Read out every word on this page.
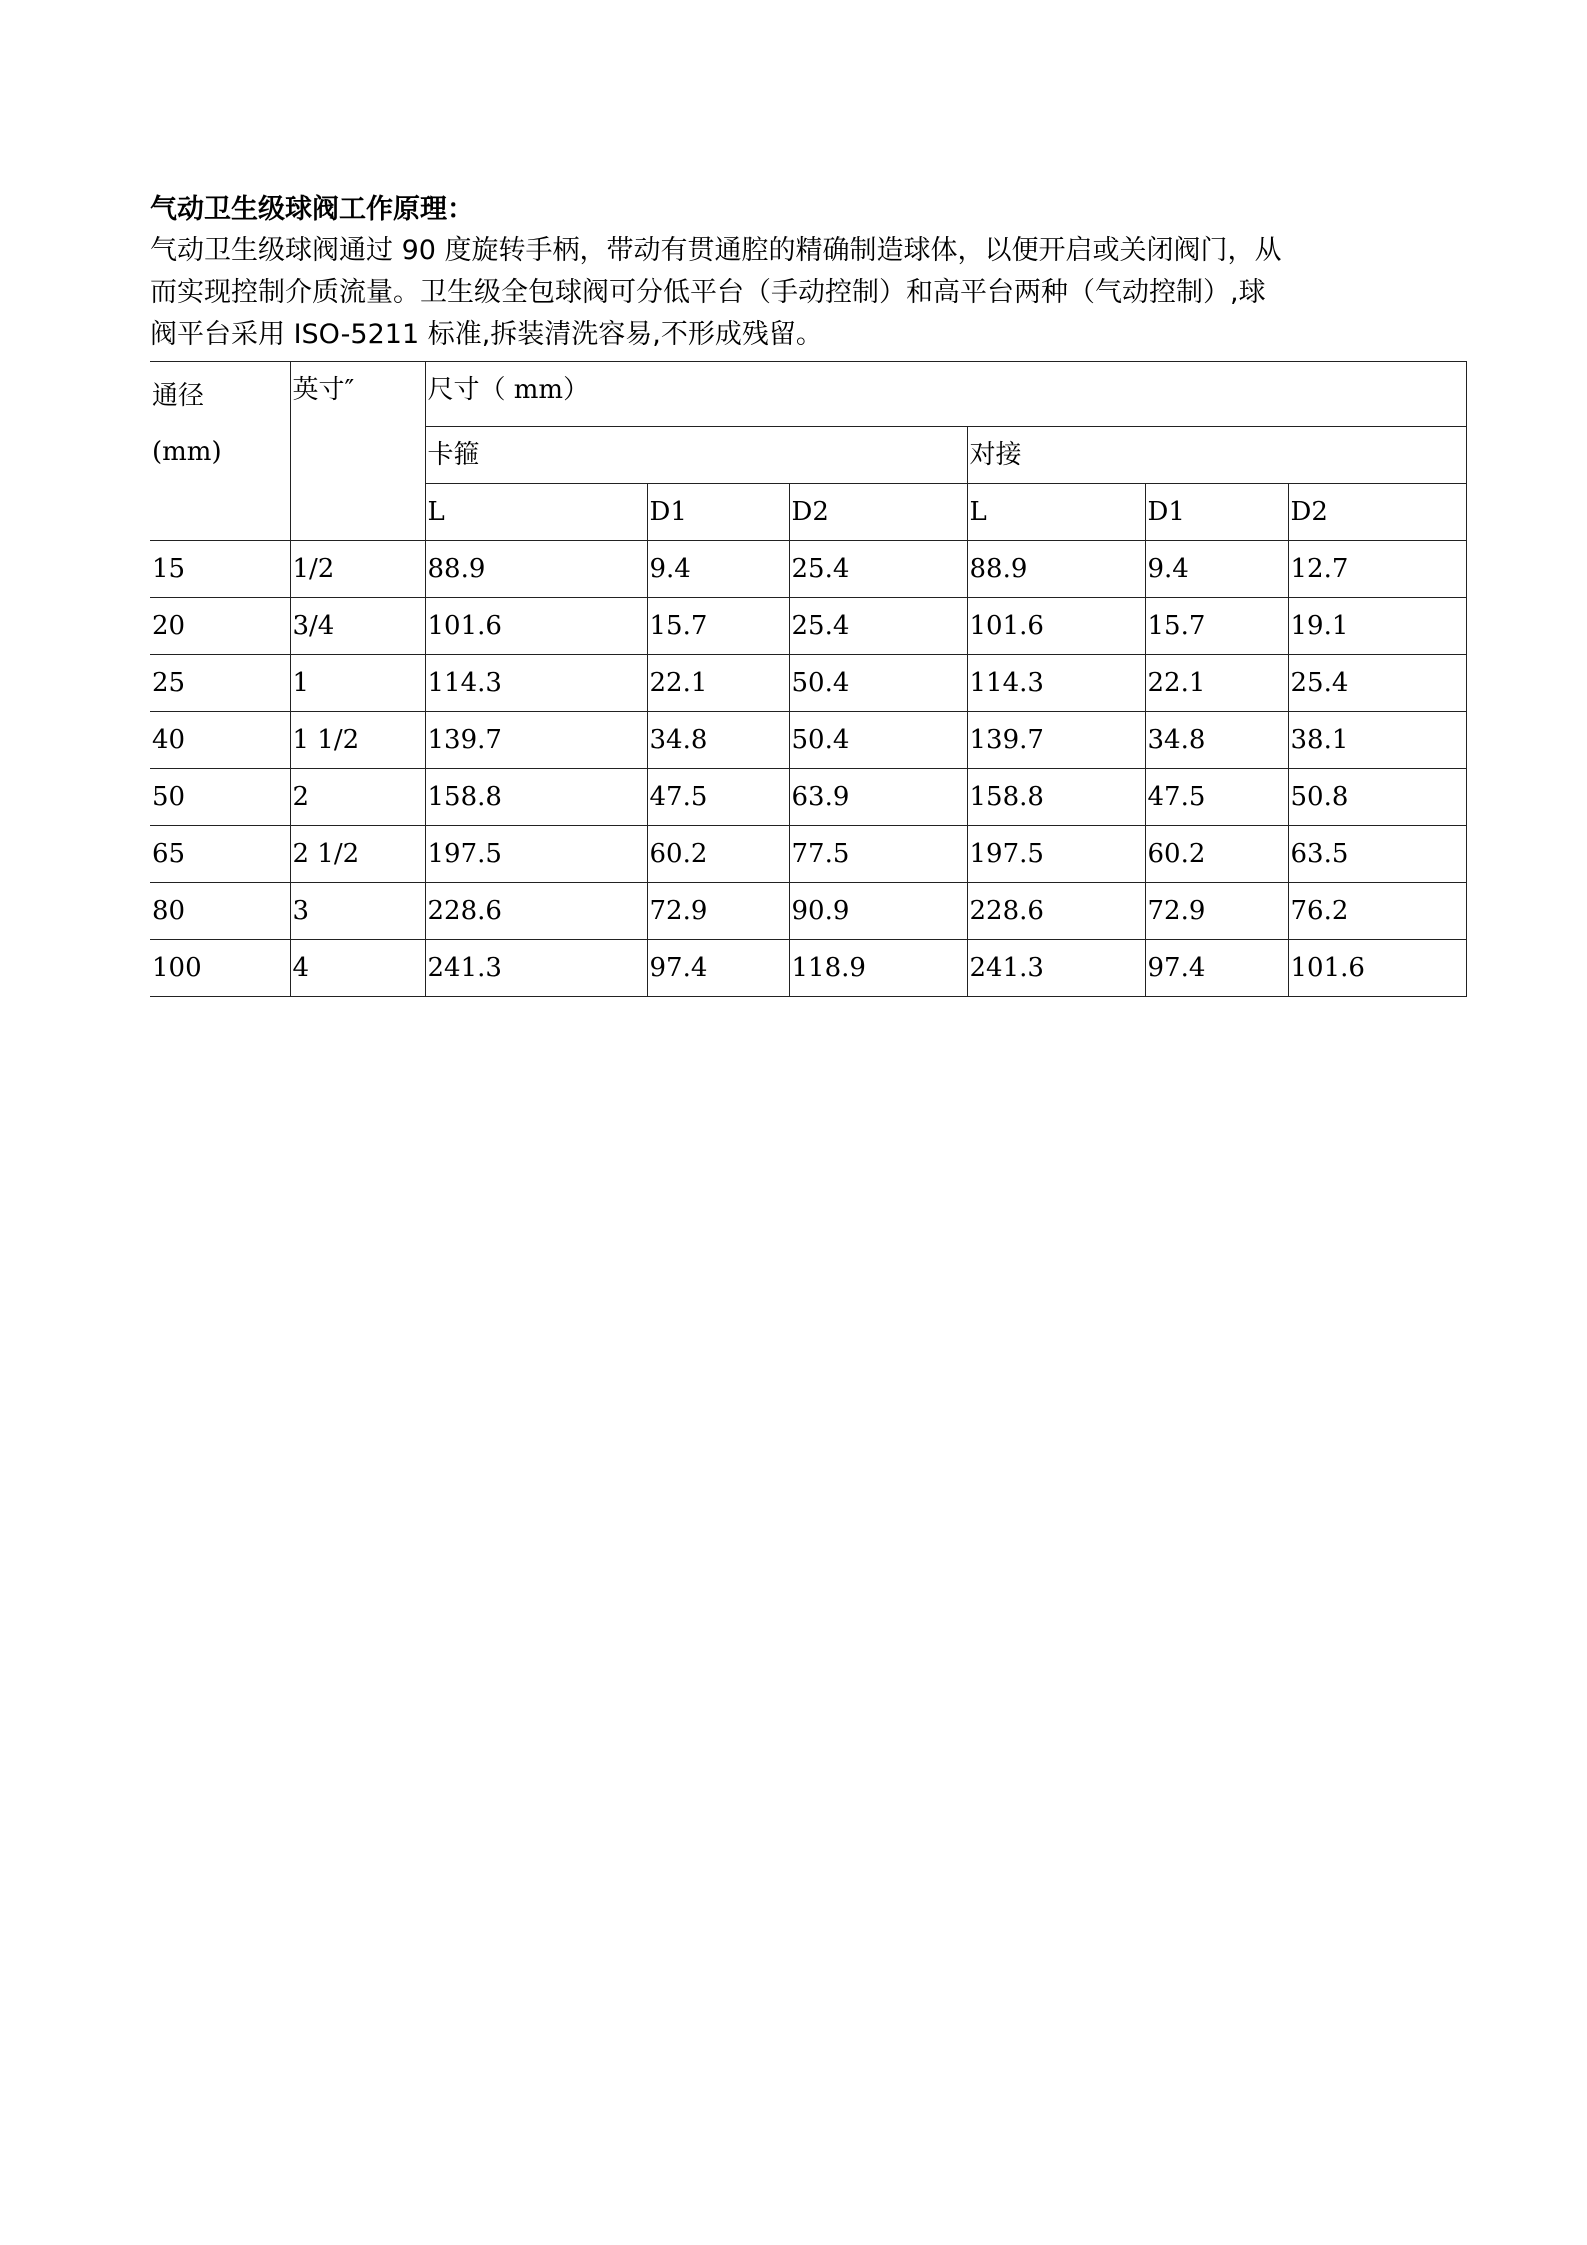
气动卫生级球阀工作原理：

气动卫生级球阀通过 90 度旋转手柄，带动有贯通腔的精确制造球体，以便开启或关闭阀门，从

而实现控制介质流量。卫生级全包球阀可分低平台（手动控制）和高平台两种（气动控制）,球

阀平台采用 ISO-5211 标准,拆装清洗容易,不形成残留。

通径
(mm)	英寸″	尺寸（ mm）					
		卡箍			对接		
		L	D1	D2	L	D1	D2
15	1/2	88.9	9.4	25.4	88.9	9.4	12.7
20	3/4	101.6	15.7	25.4	101.6	15.7	19.1
25	1	114.3	22.1	50.4	114.3	22.1	25.4
40	1 1/2	139.7	34.8	50.4	139.7	34.8	38.1
50	2	158.8	47.5	63.9	158.8	47.5	50.8
65	2 1/2	197.5	60.2	77.5	197.5	60.2	63.5
80	3	228.6	72.9	90.9	228.6	72.9	76.2
100	4	241.3	97.4	118.9	241.3	97.4	101.6
